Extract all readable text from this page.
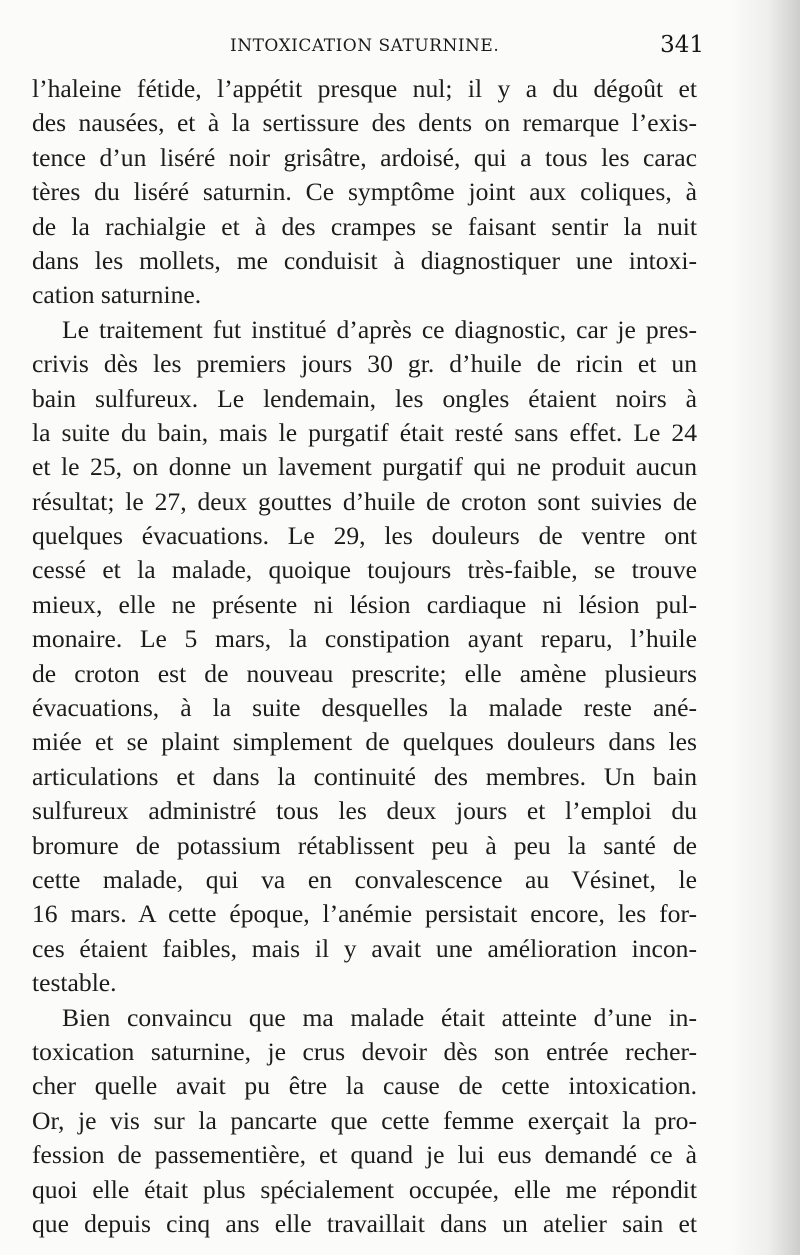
INTOXICATION SATURNINE.	341
l’haleine fétide, l’appétit presque nul; il y a du dégoût et
des nausées, et à la sertissure des dents on remarque l’exis-
tence d’un liséré noir grisâtre, ardoisé, qui a tous les carac
tères du liséré saturnin. Ce symptôme joint aux coliques, à
de la rachialgie et à des crampes se faisant sentir la nuit
dans les mollets, me conduisit à diagnostiquer une intoxi-
cation saturnine.
Le traitement fut institué d’après ce diagnostic, car je pres-
crivis dès les premiers jours 30 gr. d’huile de ricin et un
bain sulfureux. Le lendemain, les ongles étaient noirs à
la suite du bain, mais le purgatif était resté sans effet. Le 24
et le 25, on donne un lavement purgatif qui ne produit aucun
résultat; le 27, deux gouttes d’huile de croton sont suivies de
quelques évacuations. Le 29, les douleurs de ventre ont
cessé et la malade, quoique toujours très-faible, se trouve
mieux, elle ne présente ni lésion cardiaque ni lésion pul-
monaire. Le 5 mars, la constipation ayant reparu, l’huile
de croton est de nouveau prescrite; elle amène plusieurs
évacuations, à la suite desquelles la malade reste ané-
miée et se plaint simplement de quelques douleurs dans les
articulations et dans la continuité des membres. Un bain
sulfureux administré tous les deux jours et l’emploi du
bromure de potassium rétablissent peu à peu la santé de
cette malade, qui va en convalescence au Vésinet, le
16 mars. A cette époque, l’anémie persistait encore, les for-
ces étaient faibles, mais il y avait une amélioration incon-
testable.
Bien convaincu que ma malade était atteinte d’une in-
toxication saturnine, je crus devoir dès son entrée recher-
cher quelle avait pu être la cause de cette intoxication.
Or, je vis sur la pancarte que cette femme exerçait la pro-
fession de passementière, et quand je lui eus demandé ce à
quoi elle était plus spécialement occupée, elle me répondit
que depuis cinq ans elle travaillait dans un atelier sain et
